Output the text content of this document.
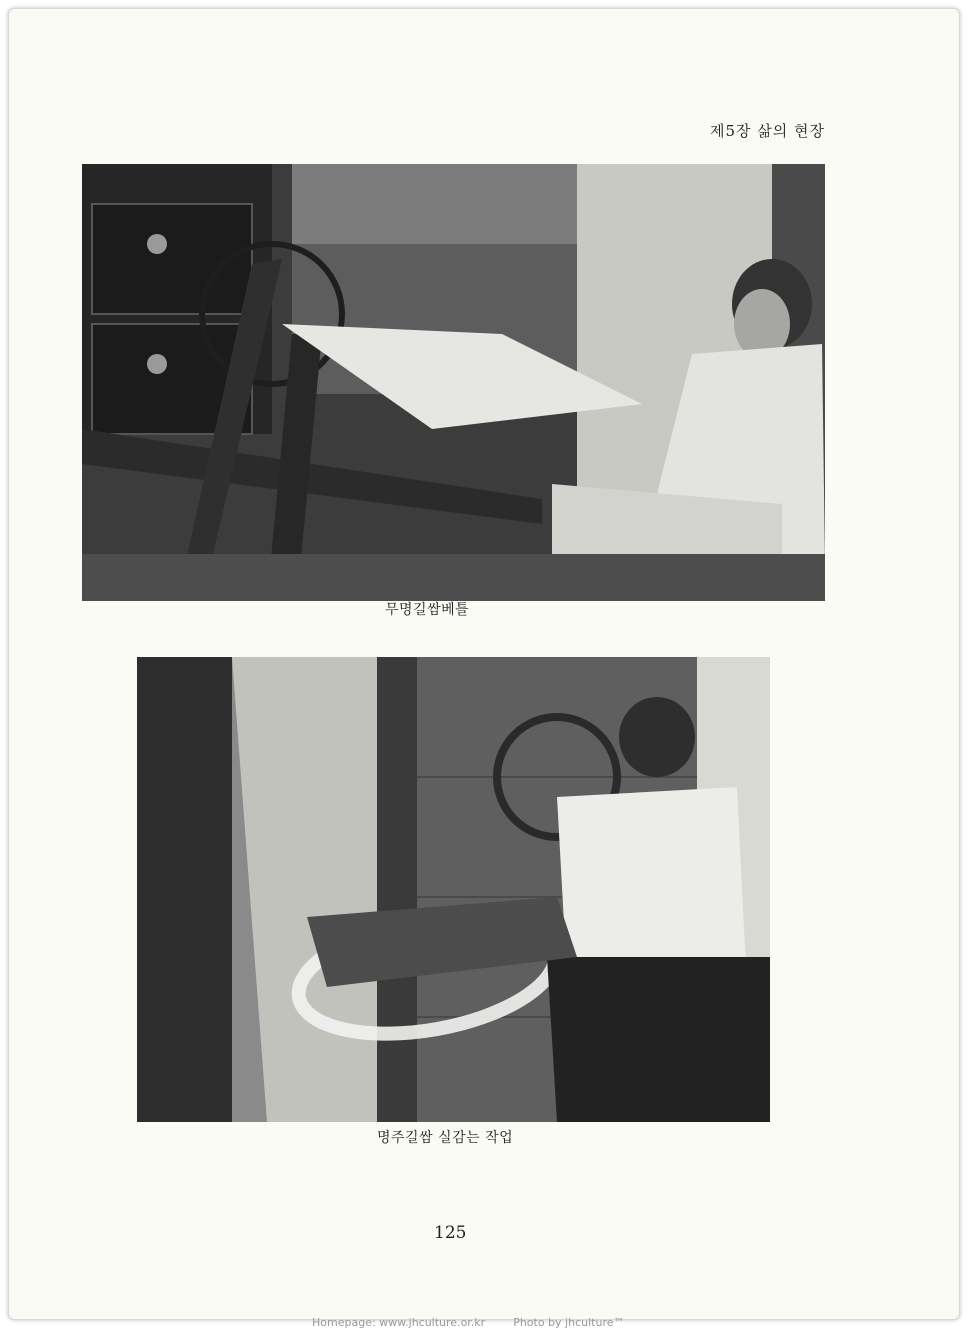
제5장 삶의 현장
무명길쌈베틀
명주길쌈 실감는 작업
125
Homepage: www.jhculture.or.kr	Photo by jhculture™
